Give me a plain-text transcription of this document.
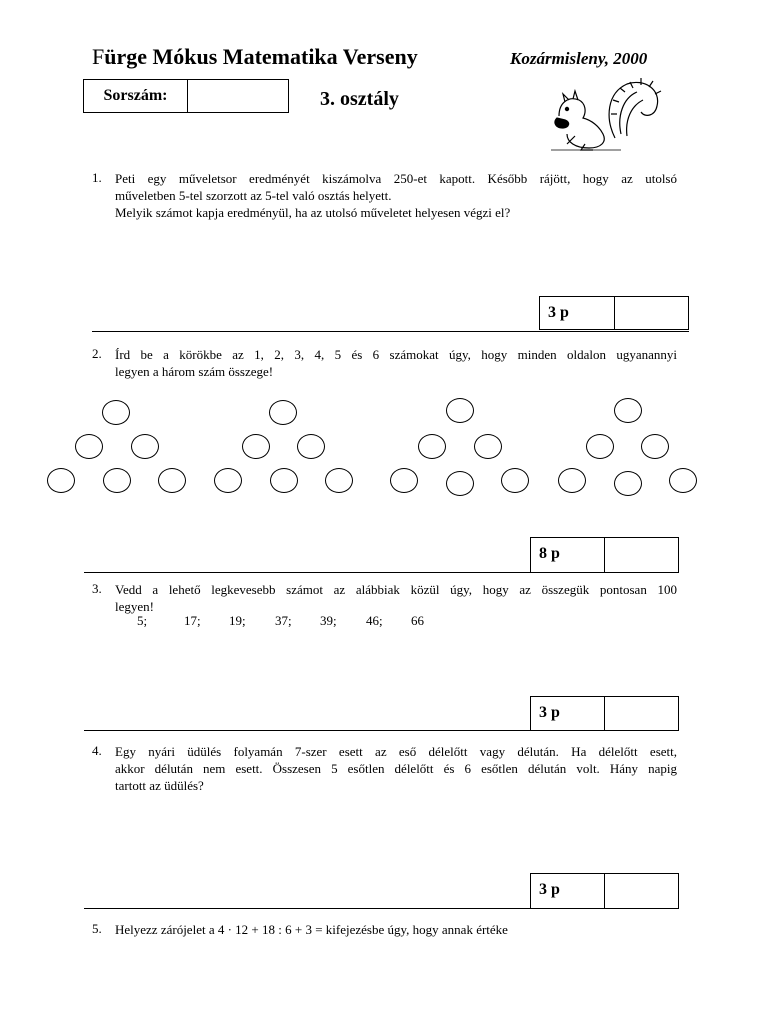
Fürge Mókus Matematika Verseny	Kozármisleny, 2000
Sorszám:	3. osztály
1. Peti egy műveletsor eredményét kiszámolva 250-et kapott. Később rájött, hogy az utolsó
műveletben 5-tel szorzott az 5-tel való osztás helyett.
Melyik számot kapja eredményül, ha az utolsó műveletet helyesen végzi el?
3 p
2. Írd be a körökbe az 1, 2, 3, 4, 5 és 6 számokat úgy, hogy minden oldalon ugyanannyi
legyen a három szám összege!
8 p
3. Vedd a lehető legkevesebb számot az alábbiak közül úgy, hogy az összegük pontosan 100
legyen!
5;	17; 19; 37; 39; 46; 66
3 p
4. Egy nyári üdülés folyamán 7-szer esett az eső délelőtt vagy délután. Ha délelőtt esett,
akkor délután nem esett. Összesen 5 esőtlen délelőtt és 6 esőtlen délután volt. Hány napig
tartott az üdülés?
3 p
5. Helyezz zárójelet a 4 · 12 + 18 : 6 + 3 = kifejezésbe úgy, hogy annak értéke
